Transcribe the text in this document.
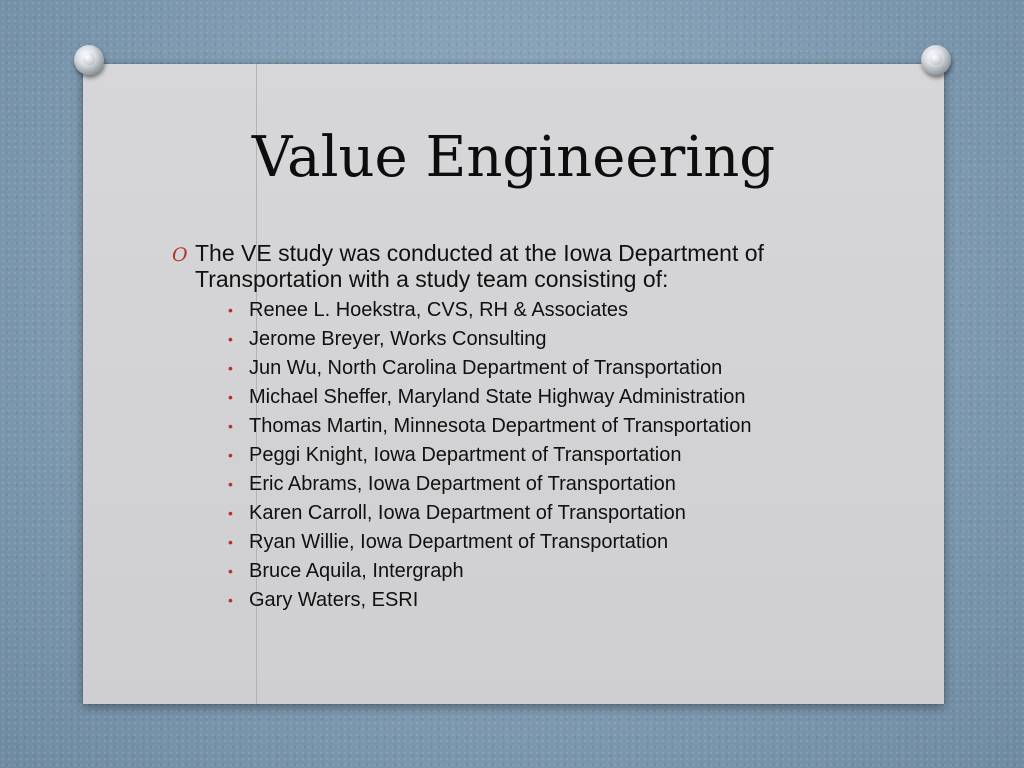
Value Engineering
O The VE study was conducted at the Iowa Department of Transportation with a study team consisting of:
• Renee L. Hoekstra, CVS, RH & Associates
• Jerome Breyer, Works Consulting
• Jun Wu, North Carolina Department of Transportation
• Michael Sheffer, Maryland State Highway Administration
• Thomas Martin, Minnesota Department of Transportation
• Peggi Knight, Iowa Department of Transportation
• Eric Abrams, Iowa Department of Transportation
• Karen Carroll, Iowa Department of Transportation
• Ryan Willie, Iowa Department of Transportation
• Bruce Aquila, Intergraph
• Gary Waters, ESRI
